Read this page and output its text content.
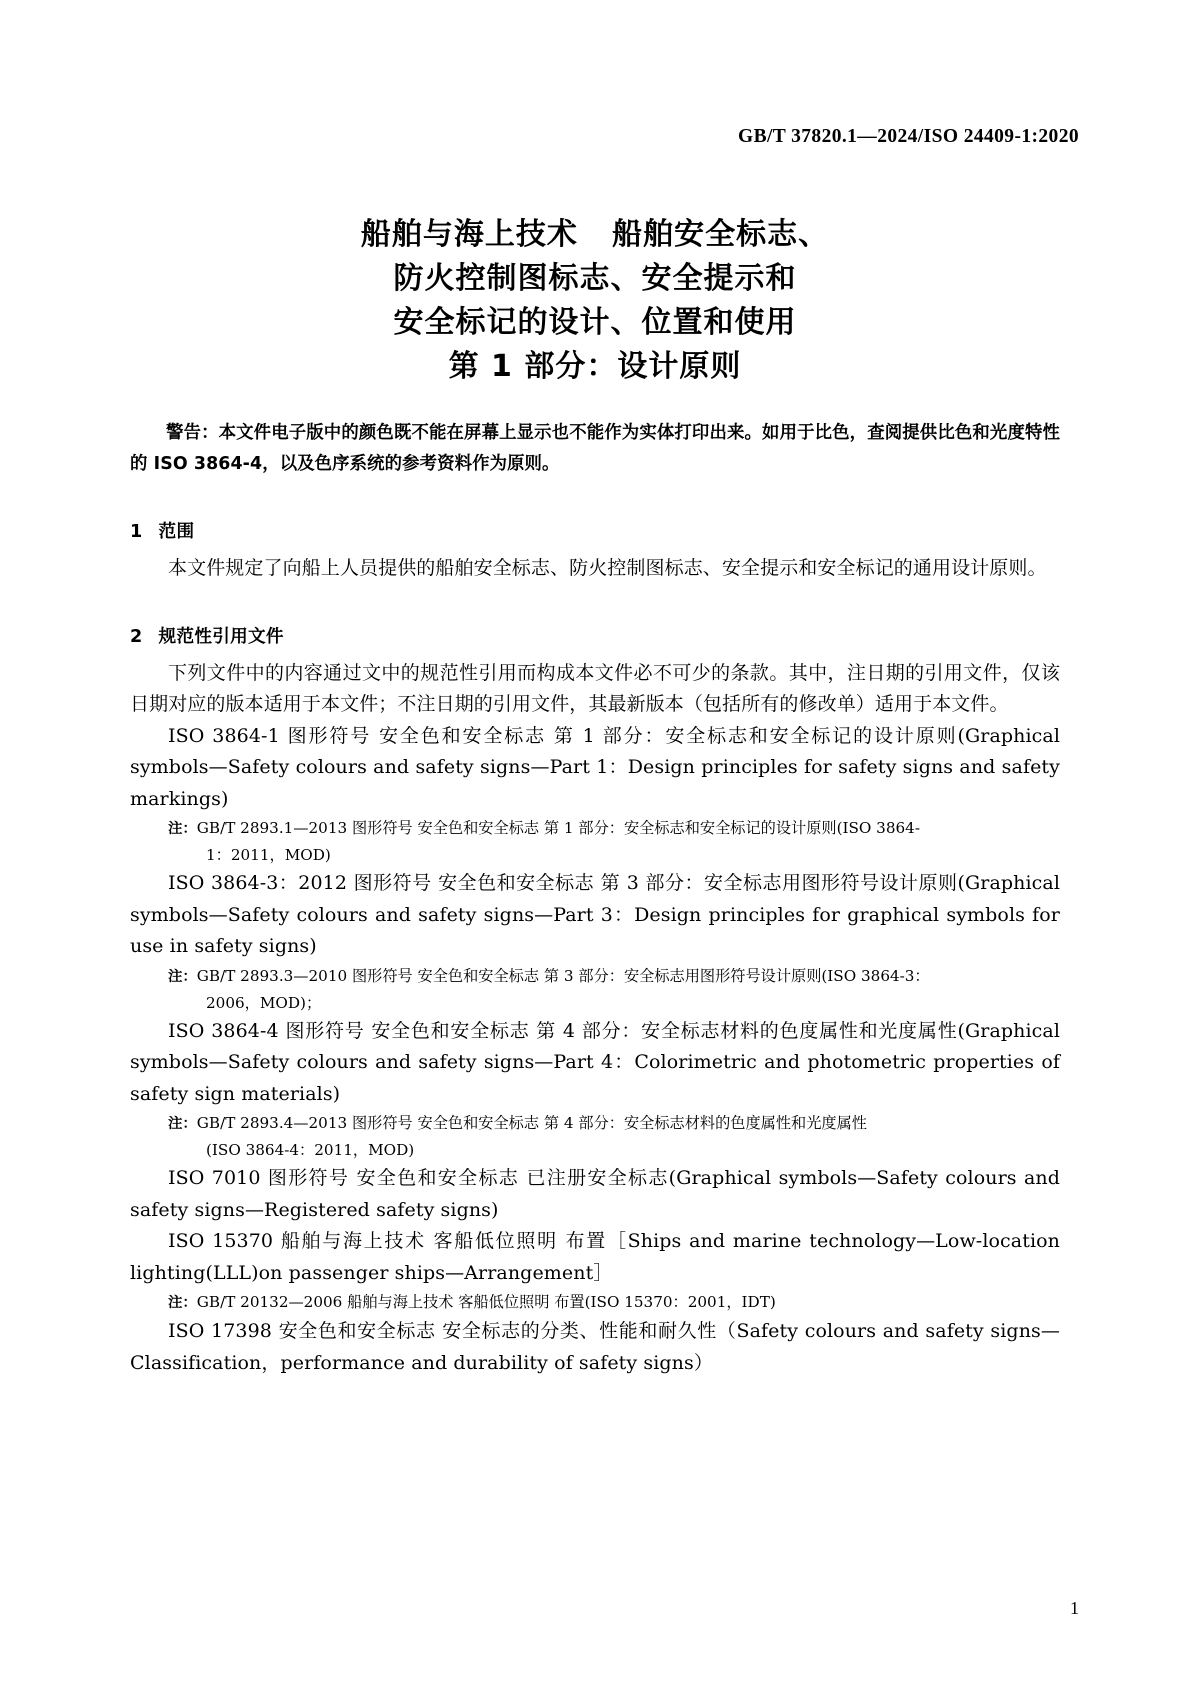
GB/T 37820.1—2024/ISO 24409-1:2020
船舶与海上技术   船舶安全标志、
防火控制图标志、安全提示和
安全标记的设计、位置和使用
第 1 部分：设计原则
警告：本文件电子版中的颜色既不能在屏幕上显示也不能作为实体打印出来。如用于比色，查阅提供比色和光度特性的 ISO 3864-4，以及色序系统的参考资料作为原则。
1 范围

本文件规定了向船上人员提供的船舶安全标志、防火控制图标志、安全提示和安全标记的通用设计原则。

2 规范性引用文件

下列文件中的内容通过文中的规范性引用而构成本文件必不可少的条款。其中，注日期的引用文件，仅该日期对应的版本适用于本文件；不注日期的引用文件，其最新版本（包括所有的修改单）适用于本文件。

ISO 3864-1 图形符号 安全色和安全标志 第 1 部分：安全标志和安全标记的设计原则(Graphical symbols—Safety colours and safety signs—Part 1：Design principles for safety signs and safety markings)

注：GB/T 2893.1—2013 图形符号 安全色和安全标志 第 1 部分：安全标志和安全标记的设计原则(ISO 3864-
1：2011，MOD)

ISO 3864-3：2012 图形符号 安全色和安全标志 第 3 部分：安全标志用图形符号设计原则(Graphical symbols—Safety colours and safety signs—Part 3：Design principles for graphical symbols for use in safety signs)

注：GB/T 2893.3—2010 图形符号 安全色和安全标志 第 3 部分：安全标志用图形符号设计原则(ISO 3864-3：
2006，MOD)；

ISO 3864-4 图形符号 安全色和安全标志 第 4 部分：安全标志材料的色度属性和光度属性(Graphical symbols—Safety colours and safety signs—Part 4：Colorimetric and photometric properties of safety sign materials)

注：GB/T 2893.4—2013 图形符号 安全色和安全标志 第 4 部分：安全标志材料的色度属性和光度属性
(ISO 3864-4：2011，MOD)

ISO 7010 图形符号 安全色和安全标志 已注册安全标志(Graphical symbols—Safety colours and safety signs—Registered safety signs)

ISO 15370 船舶与海上技术 客船低位照明 布置［Ships and marine technology—Low-location lighting(LLL)on passenger ships—Arrangement］

注：GB/T 20132—2006 船舶与海上技术 客船低位照明 布置(ISO 15370：2001，IDT)

ISO 17398 安全色和安全标志 安全标志的分类、性能和耐久性（Safety colours and safety signs—Classification，performance and durability of safety signs）

1
